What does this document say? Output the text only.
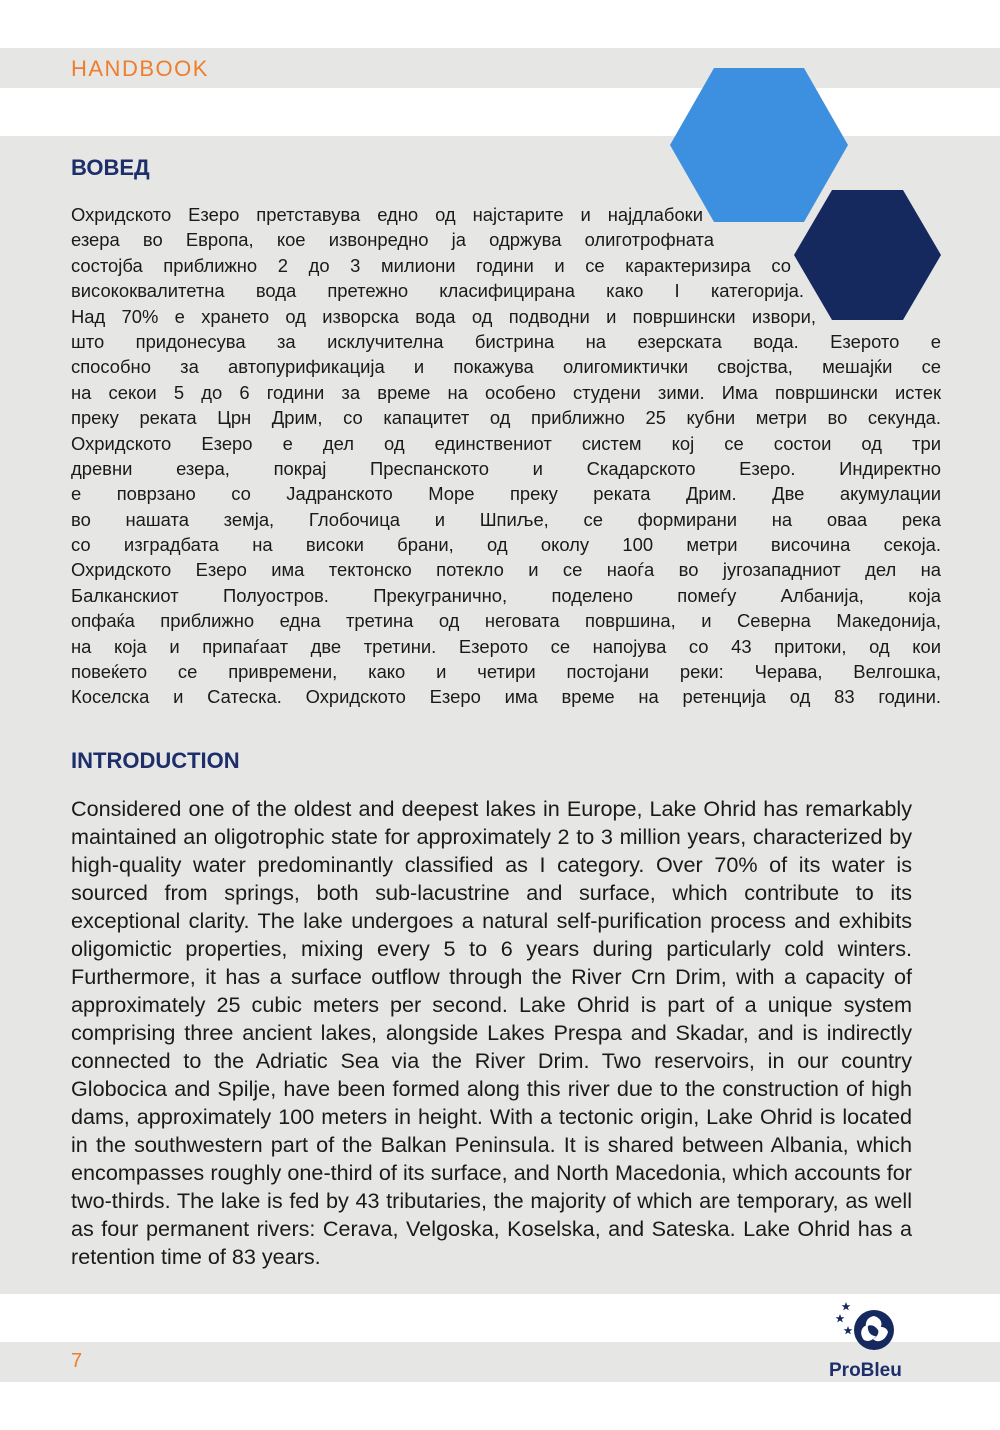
HANDBOOK
ВОВЕД
Охридското Езеро претставува едно од најстарите и најдлабоки
езера во Европа, кое извонредно ја одржува олиготрофната
состојба приближно 2 до 3 милиони години и се карактеризира со
висококвалитетна вода претежно класифицирана како I категорија.
Над 70% е хрането од изворска вода од подводни и површински извори,
што придонесува за исклучителна бистрина на езерската вода. Езерото е
способно за автопурификација и покажува олигомиктички својства, мешајќи се
на секои 5 до 6 години за време на особено студени зими. Има површински истек
преку реката Црн Дрим, со капацитет од приближно 25 кубни метри во секунда.
Охридското Езеро е дел од единствениот систем кој се состои од три
древни езера, покрај Преспанското и Скадарското Езеро. Индиректно
е поврзано со Јадранското Море преку реката Дрим. Две акумулации
во нашата земја, Глобочица и Шпиље, се формирани на оваа река
со изградбата на високи брани, од околу 100 метри височина секоја.
Охридското Езеро има тектонско потекло и се наоѓа во југозападниот дел на
Балканскиот Полуостров. Прекугранично, поделено помеѓу Албанија, која
опфаќа приближно една третина од неговата површина, и Северна Македонија,
на која и припаѓаат две третини. Езерото се напојува со 43 притоки, од кои
повеќето се привремени, како и четири постојани реки: Черава, Велгошка,
Коселска и Сатеска. Охридското Езеро има време на ретенција од 83 години.
INTRODUCTION

Considered one of the oldest and deepest lakes in Europe, Lake Ohrid has remarkably maintained an oligotrophic state for approximately 2 to 3 million years, characterized by high-quality water predominantly classified as I category. Over 70% of its water is sourced from springs, both sub-lacustrine and surface, which contribute to its exceptional clarity. The lake undergoes a natural self-purification process and exhibits oligomictic properties, mixing every 5 to 6 years during particularly cold winters. Furthermore, it has a surface outflow through the River Crn Drim, with a capacity of approximately 25 cubic meters per second. Lake Ohrid is part of a unique system comprising three ancient lakes, alongside Lakes Prespa and Skadar, and is indirectly connected to the Adriatic Sea via the River Drim. Two reservoirs, in our country Globocica and Spilje, have been formed along this river due to the construction of high dams, approximately 100 meters in height. With a tectonic origin, Lake Ohrid is located in the southwestern part of the Balkan Peninsula. It is shared between Albania, which encompasses roughly one-third of its surface, and North Macedonia, which accounts for two-thirds. The lake is fed by 43 tributaries, the majority of which are temporary, as well as four permanent rivers: Cerava, Velgoska, Koselska, and Sateska. Lake Ohrid has a retention time of 83 years.

7	ProBleu
